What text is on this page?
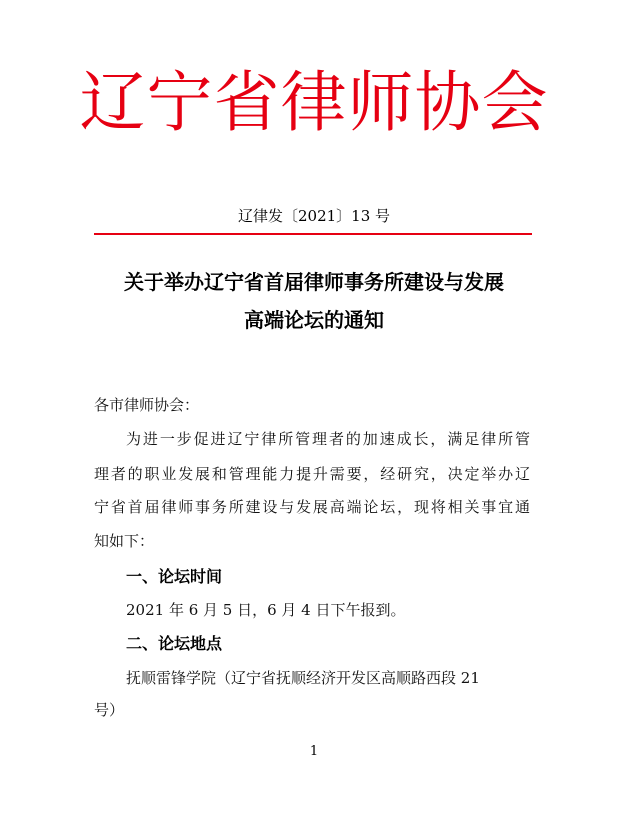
辽宁省律师协会
辽律发〔2021〕13 号
关于举办辽宁省首届律师事务所建设与发展
高端论坛的通知
各市律师协会：
为进一步促进辽宁律所管理者的加速成长，满足律所管
理者的职业发展和管理能力提升需要，经研究，决定举办辽
宁省首届律师事务所建设与发展高端论坛，现将相关事宜通
知如下：
一、论坛时间
2021 年 6 月 5 日，6 月 4 日下午报到。
二、论坛地点
抚顺雷锋学院（辽宁省抚顺经济开发区高顺路西段 21
号）
1
